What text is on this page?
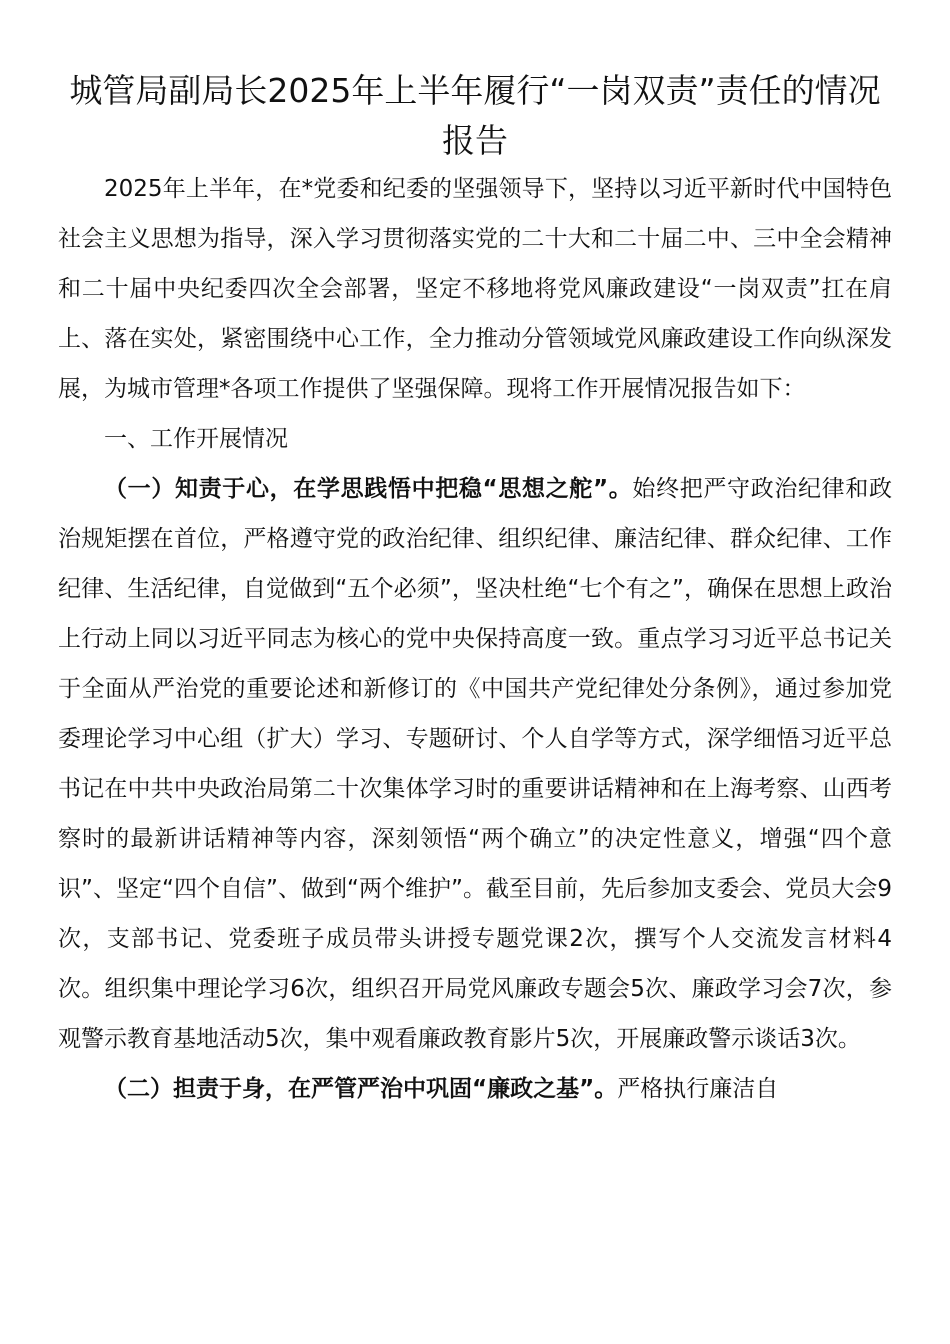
城管局副局长2025年上半年履行“一岗双责”责任的情况报告

2025年上半年，在*党委和纪委的坚强领导下，坚持以习近平新时代中国特色社会主义思想为指导，深入学习贯彻落实党的二十大和二十届二中、三中全会精神和二十届中央纪委四次全会部署，坚定不移地将党风廉政建设“一岗双责”扛在肩上、落在实处，紧密围绕中心工作，全力推动分管领域党风廉政建设工作向纵深发展，为城市管理*各项工作提供了坚强保障。现将工作开展情况报告如下：

一、工作开展情况

（一）知责于心，在学思践悟中把稳“思想之舵”。始终把严守政治纪律和政治规矩摆在首位，严格遵守党的政治纪律、组织纪律、廉洁纪律、群众纪律、工作纪律、生活纪律，自觉做到“五个必须”，坚决杜绝“七个有之”，确保在思想上政治上行动上同以习近平同志为核心的党中央保持高度一致。重点学习习近平总书记关于全面从严治党的重要论述和新修订的《中国共产党纪律处分条例》，通过参加党委理论学习中心组（扩大）学习、专题研讨、个人自学等方式，深学细悟习近平总书记在中共中央政治局第二十次集体学习时的重要讲话精神和在上海考察、山西考察时的最新讲话精神等内容，深刻领悟“两个确立”的决定性意义，增强“四个意识”、坚定“四个自信”、做到“两个维护”。截至目前，先后参加支委会、党员大会9次，支部书记、党委班子成员带头讲授专题党课2次，撰写个人交流发言材料4次。组织集中理论学习6次，组织召开局党风廉政专题会5次、廉政学习会7次，参观警示教育基地活动5次，集中观看廉政教育影片5次，开展廉政警示谈话3次。

（二）担责于身，在严管严治中巩固“廉政之基”。严格执行廉洁自
